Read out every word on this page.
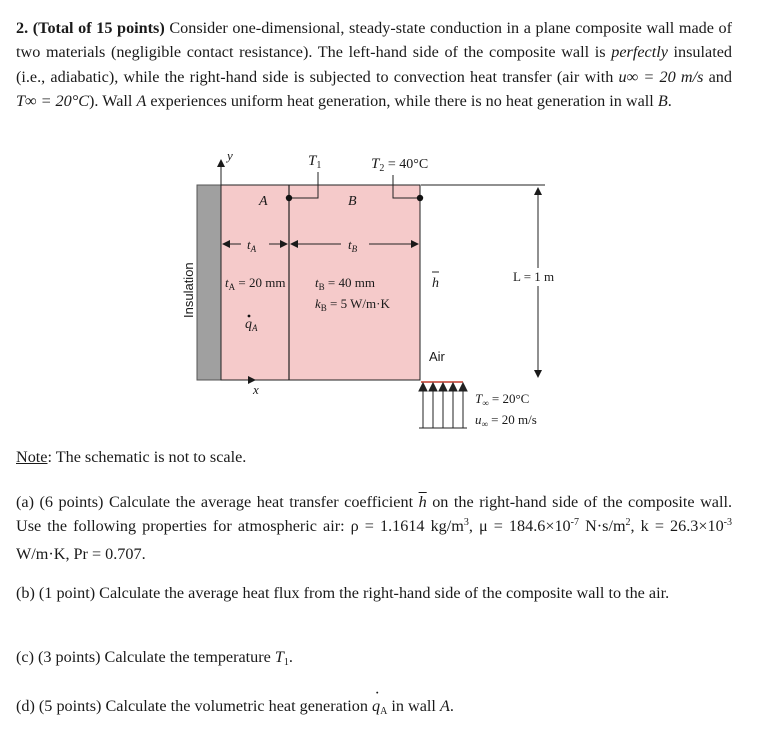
2. (Total of 15 points) Consider one-dimensional, steady-state conduction in a plane composite wall made of two materials (negligible contact resistance). The left-hand side of the composite wall is perfectly insulated (i.e., adiabatic), while the right-hand side is subjected to convection heat transfer (air with u∞ = 20 m/s and T∞ = 20°C). Wall A experiences uniform heat generation, while there is no heat generation in wall B.
y
x
$T_1$	$T_2 = 40^\circ C$
A	B
$t_A$	$t_B$
$t_A = 20$ mm $t_B = 40$ mm
$k_B = 5$ W/m·K
$q_A$
h	L = 1 m
Air
Insulation
$T_\infty = 20^\circ C$
$u_\infty = 20$ m/s
Note: The schematic is not to scale.
(a) (6 points) Calculate the average heat transfer coefficient $\overline{h}$ on the right-hand side of the composite wall. Use the following properties for atmospheric air: ρ = 1.1614 $kg/m^3$, $\mu = 184.6\times 10^{-7}$ $N\cdot s/m^2$, $k = 26.3\times 10^{-3}$ W/m·K, Pr = 0.707.
(b) (1 point) Calculate the average heat flux from the right-hand side of the composite wall to the air.
(c) (3 points) Calculate the temperature T1.
(d) (5 points) Calculate the volumetric heat generation · qA in wall A.
